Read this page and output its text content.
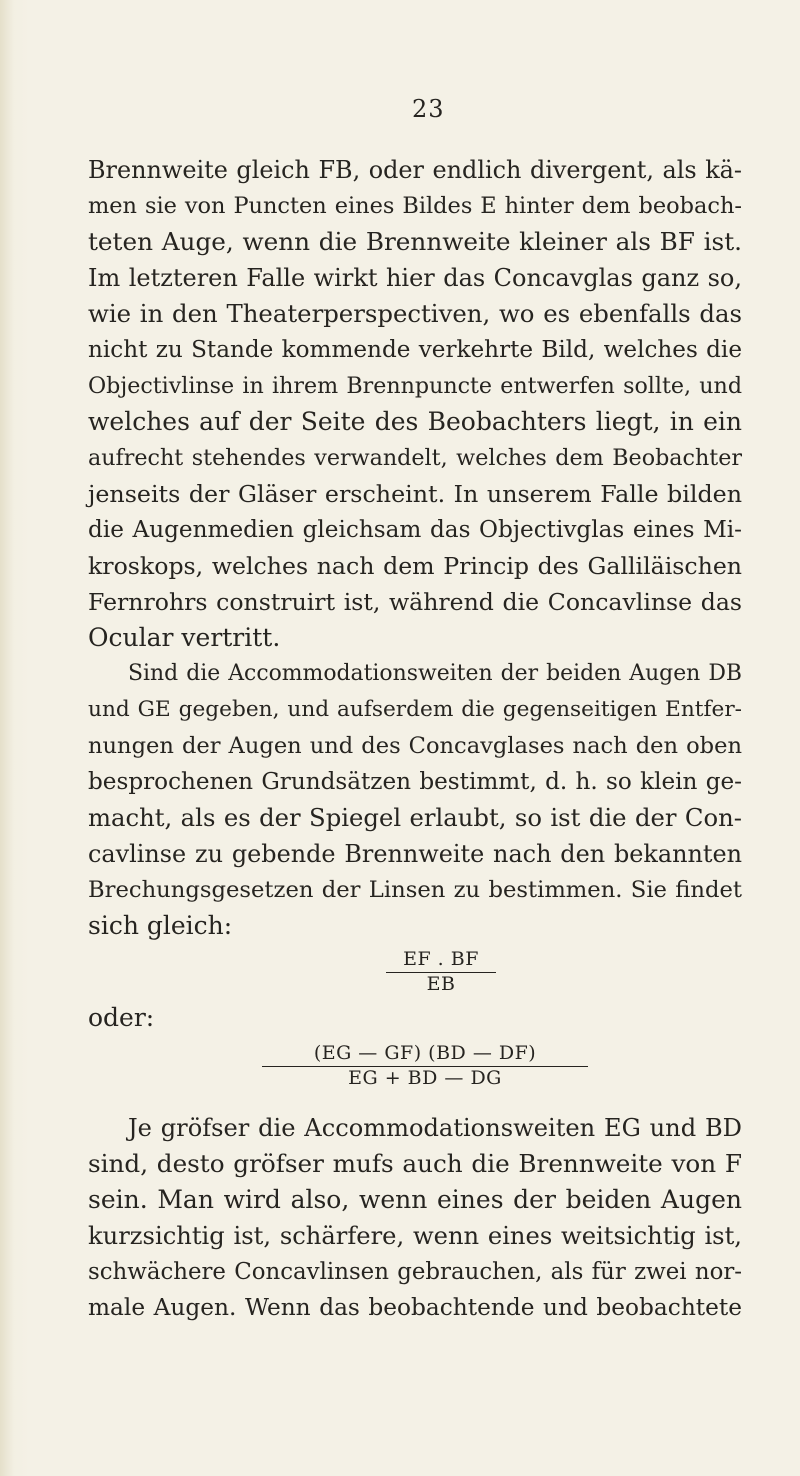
23
Brennweite gleich FB, oder endlich divergent, als kä-
men sie von Puncten eines Bildes E hinter dem beobach-
teten Auge, wenn die Brennweite kleiner als BF ist.
Im letzteren Falle wirkt hier das Concavglas ganz so,
wie in den Theaterperspectiven, wo es ebenfalls das
nicht zu Stande kommende verkehrte Bild, welches die
Objectivlinse in ihrem Brennpuncte entwerfen sollte, und
welches auf der Seite des Beobachters liegt, in ein
aufrecht stehendes verwandelt, welches dem Beobachter
jenseits der Gläser erscheint. In unserem Falle bilden
die Augenmedien gleichsam das Objectivglas eines Mi-
kroskops, welches nach dem Princip des Galliläischen
Fernrohrs construirt ist, während die Concavlinse das
Ocular vertritt.
Sind die Accommodationsweiten der beiden Augen DB
und GE gegeben, und aufserdem die gegenseitigen Entfer-
nungen der Augen und des Concavglases nach den oben
besprochenen Grundsätzen bestimmt, d. h. so klein ge-
macht, als es der Spiegel erlaubt, so ist die der Con-
cavlinse zu gebende Brennweite nach den bekannten
Brechungsgesetzen der Linsen zu bestimmen. Sie findet
sich gleich:
EF . BF
EB
oder:
(EG — GF) (BD — DF)
EG + BD — DG
Je gröfser die Accommodationsweiten EG und BD
sind, desto gröfser mufs auch die Brennweite von F
sein. Man wird also, wenn eines der beiden Augen
kurzsichtig ist, schärfere, wenn eines weitsichtig ist,
schwächere Concavlinsen gebrauchen, als für zwei nor-
male Augen. Wenn das beobachtende und beobachtete
